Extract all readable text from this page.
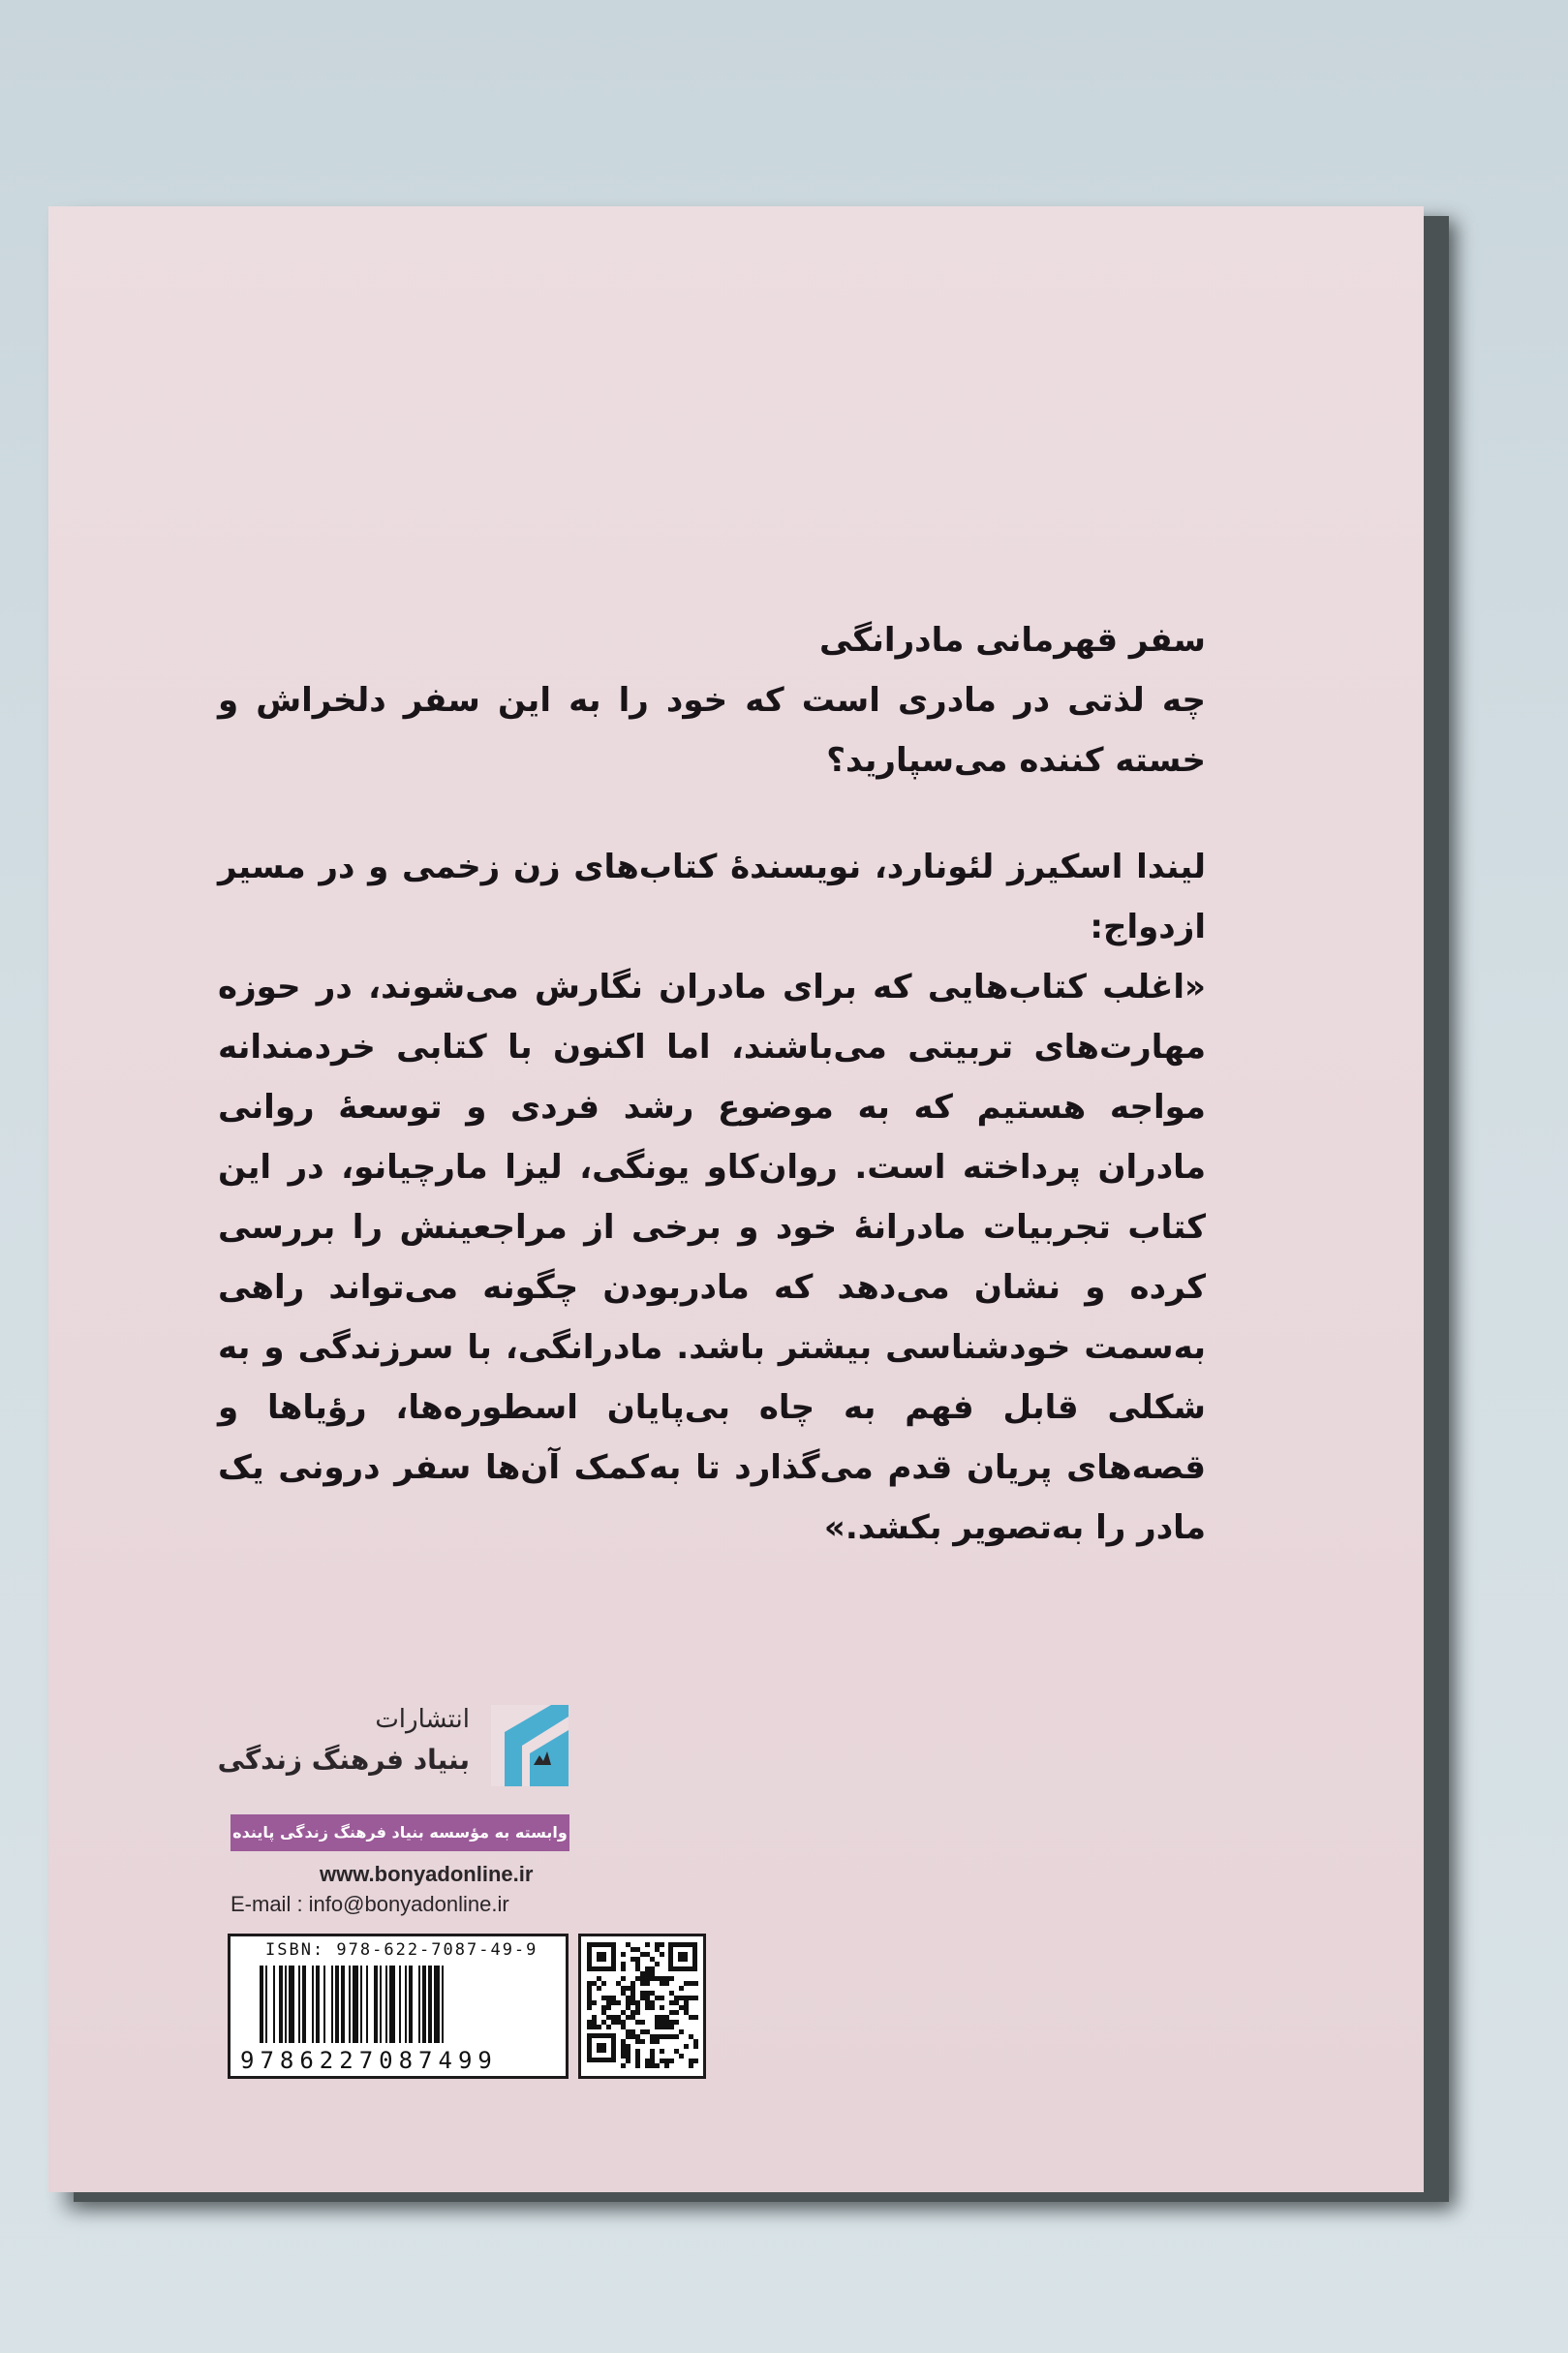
سفر قهرمانی مادرانگی

چه لذتی در مادری است که خود را به این سفر دلخراش و خسته کننده می‌سپارید؟

لیندا اسکیرز لئونارد، نویسندۀ کتاب‌های زن زخمی و در مسیر ازدواج:

«اغلب کتاب‌هایی که برای مادران نگارش می‌شوند، در حوزه مهارت‌های تربیتی می‌باشند، اما اکنون با کتابی خردمندانه مواجه هستیم که به موضوع رشد فردی و توسعۀ روانی مادران پرداخته است. روان‌کاو یونگی، لیزا مارچیانو، در این کتاب تجربیات مادرانۀ خود و برخی از مراجعینش را بررسی کرده و نشان می‌دهد که مادربودن چگونه می‌تواند راهی به‌سمت خودشناسی بیشتر باشد. مادرانگی، با سرزندگی و به شکلی قابل فهم به چاه بی‌پایان اسطوره‌ها، رؤیاها و قصه‌های پریان قدم می‌گذارد تا به‌کمک آن‌ها سفر درونی یک مادر را به‌تصویر بکشد.»

انتشارات
بنیاد فرهنگ زندگی
وابسته به مؤسسه بنیاد فرهنگ زندگی پاینده
www.bonyadonline.ir
E-mail : info@bonyadonline.ir
ISBN: 978-622-7087-49-9
9786227087499
